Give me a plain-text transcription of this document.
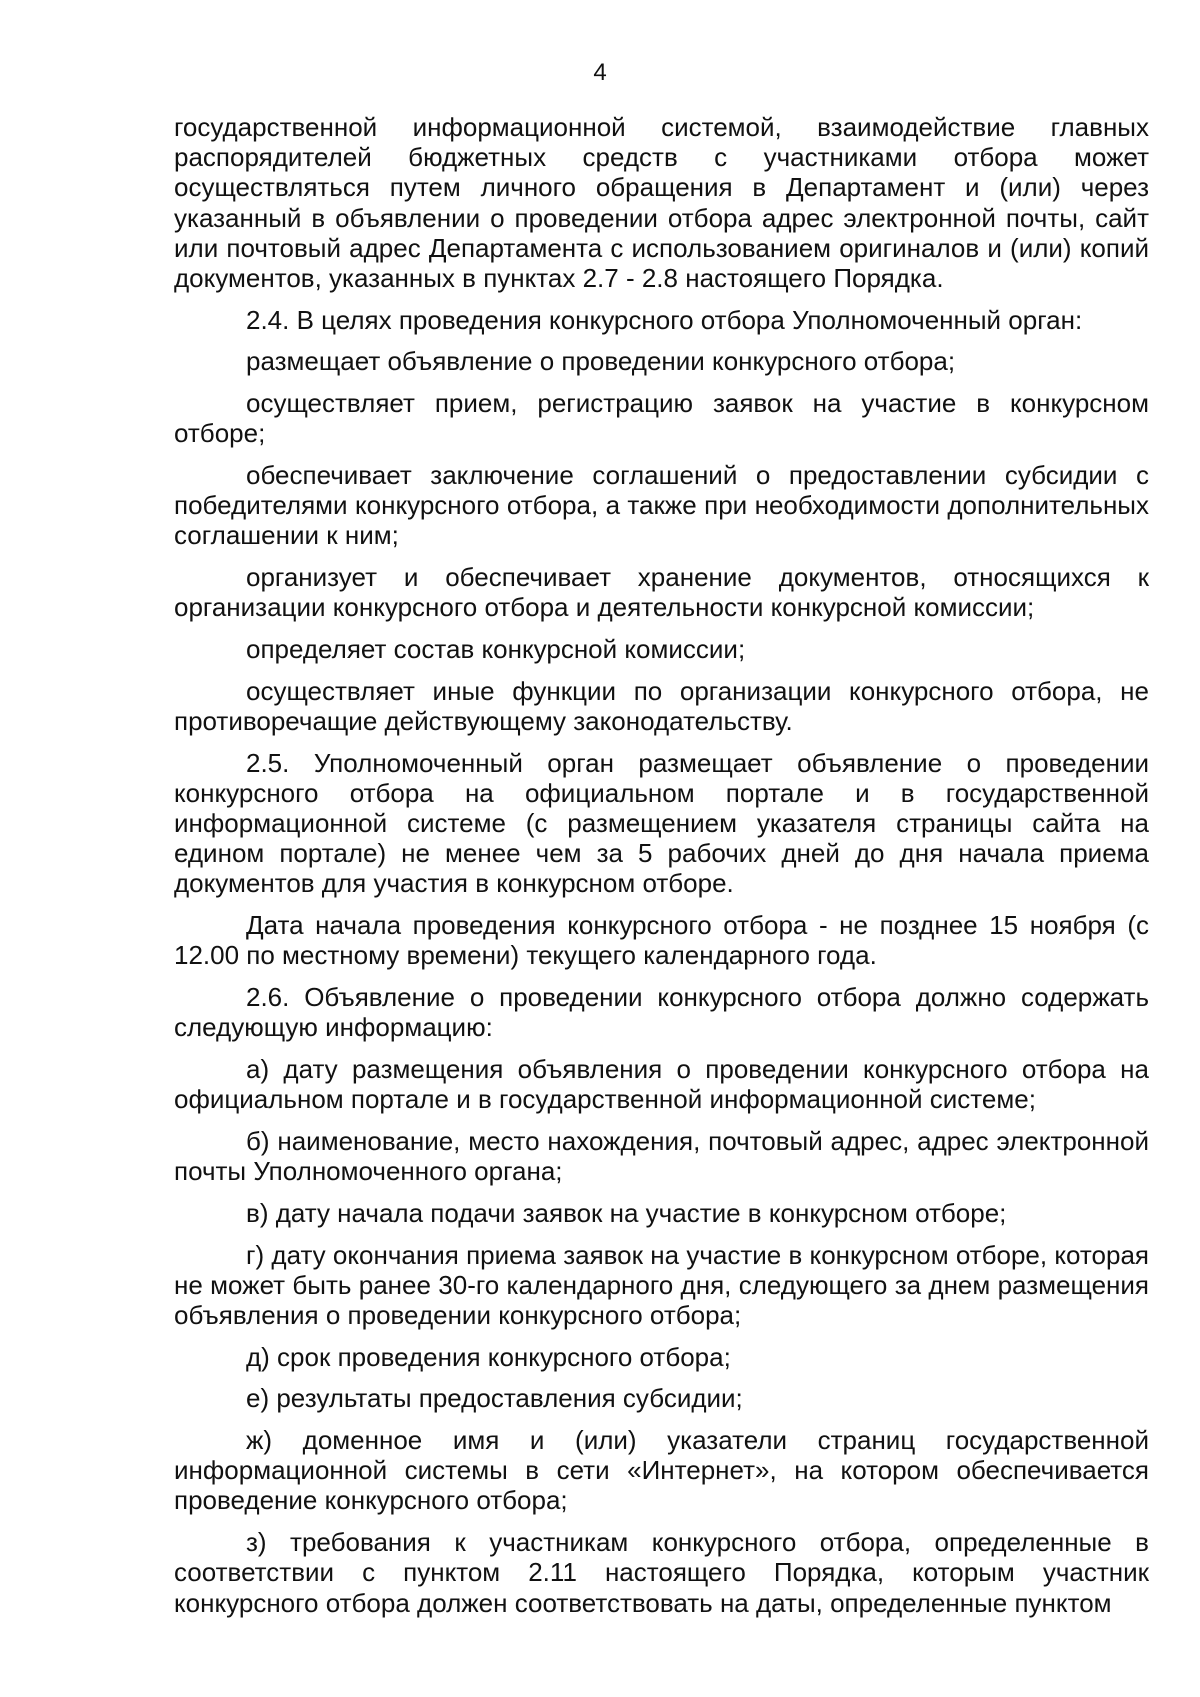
4

государственной информационной системой, взаимодействие главных распорядителей бюджетных средств с участниками отбора может осуществляться путем личного обращения в Департамент и (или) через указанный в объявлении о проведении отбора адрес электронной почты, сайт или почтовый адрес Департамента с использованием оригиналов и (или) копий документов, указанных в пунктах 2.7 - 2.8 настоящего Порядка.

2.4. В целях проведения конкурсного отбора Уполномоченный орган:

размещает объявление о проведении конкурсного отбора;

осуществляет прием, регистрацию заявок на участие в конкурсном отборе;

обеспечивает заключение соглашений о предоставлении субсидии с победителями конкурсного отбора, а также при необходимости дополнительных соглашении к ним;

организует и обеспечивает хранение документов, относящихся к организации конкурсного отбора и деятельности конкурсной комиссии;

определяет состав конкурсной комиссии;

осуществляет иные функции по организации конкурсного отбора, не противоречащие действующему законодательству.

2.5. Уполномоченный орган размещает объявление о проведении конкурсного отбора на официальном портале и в государственной информационной системе (с размещением указателя страницы сайта на едином портале) не менее чем за 5 рабочих дней до дня начала приема документов для участия в конкурсном отборе.

Дата начала проведения конкурсного отбора - не позднее 15 ноября (с 12.00 по местному времени) текущего календарного года.

2.6. Объявление о проведении конкурсного отбора должно содержать следующую информацию:

а) дату размещения объявления о проведении конкурсного отбора на официальном портале и в государственной информационной системе;

б) наименование, место нахождения, почтовый адрес, адрес электронной почты Уполномоченного органа;

в) дату начала подачи заявок на участие в конкурсном отборе;

г) дату окончания приема заявок на участие в конкурсном отборе, которая не может быть ранее 30-го календарного дня, следующего за днем размещения объявления о проведении конкурсного отбора;

д) срок проведения конкурсного отбора;

е) результаты предоставления субсидии;

ж) доменное имя и (или) указатели страниц государственной информационной системы в сети «Интернет», на котором обеспечивается проведение конкурсного отбора;

з) требования к участникам конкурсного отбора, определенные в соответствии с пунктом 2.11 настоящего Порядка, которым участник конкурсного отбора должен соответствовать на даты, определенные пунктом
